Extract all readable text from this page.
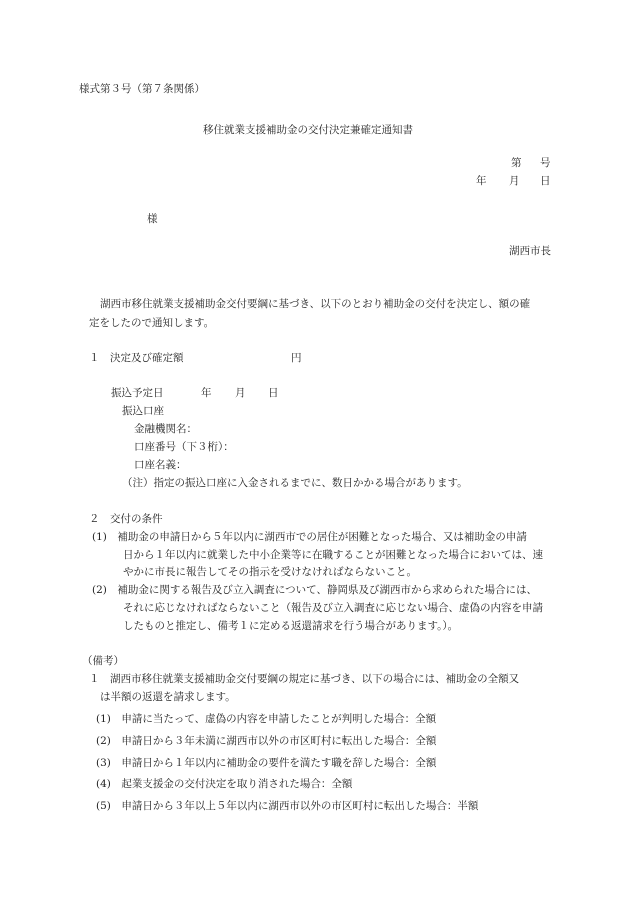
様式第３号（第７条関係）
移住就業支援補助金の交付決定兼確定通知書
第 号
年 月 日
様
湖西市長
湖西市移住就業支援補助金交付要綱に基づき、以下のとおり補助金の交付を決定し、額の確
定をしたので通知します。
１　決定及び確定額	円
振込予定日	年 月 日
振込口座
金融機関名：
口座番号（下３桁）：
口座名義：
（注）指定の振込口座に入金されるまでに、数日かかる場合があります。
２　交付の条件
(1)　補助金の申請日から５年以内に湖西市での居住が困難となった場合、又は補助金の申請
日から１年以内に就業した中小企業等に在職することが困難となった場合においては、速
やかに市長に報告してその指示を受けなければならないこと。
(2)　補助金に関する報告及び立入調査について、静岡県及び湖西市から求められた場合には、
それに応じなければならないこと（報告及び立入調査に応じない場合、虚偽の内容を申請
したものと推定し、備考１に定める返還請求を行う場合があります。）。
（備考）
１　湖西市移住就業支援補助金交付要綱の規定に基づき、以下の場合には、補助金の全額又
は半額の返還を請求します。
(1)　申請に当たって、虚偽の内容を申請したことが判明した場合：全額
(2)　申請日から３年未満に湖西市以外の市区町村に転出した場合：全額
(3)　申請日から１年以内に補助金の要件を満たす職を辞した場合：全額
(4)　起業支援金の交付決定を取り消された場合：全額
(5)　申請日から３年以上５年以内に湖西市以外の市区町村に転出した場合：半額
